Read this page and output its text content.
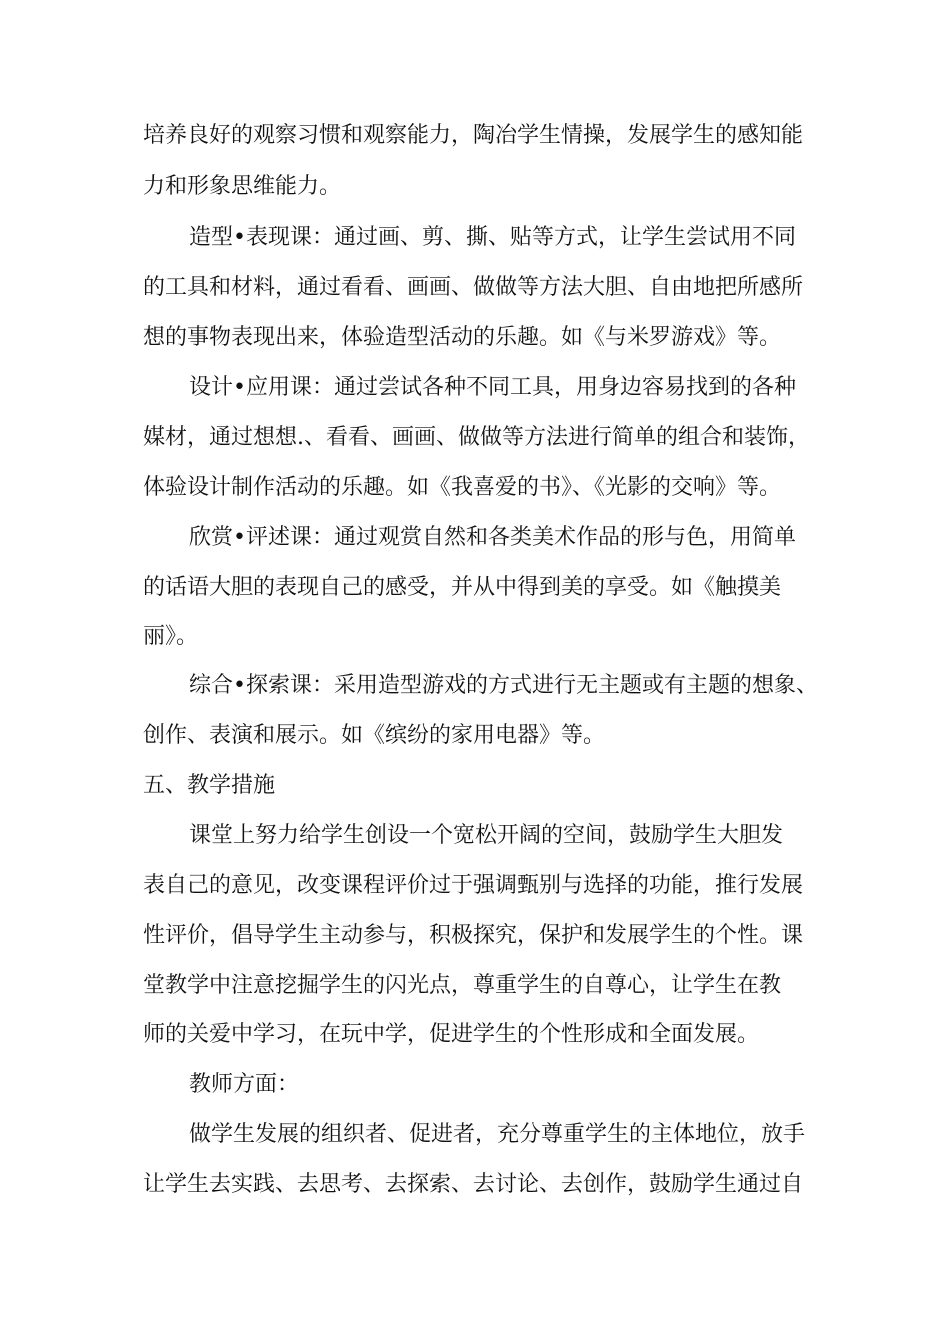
培养良好的观察习惯和观察能力，陶冶学生情操，发展学生的感知能

力和形象思维能力。

造型•表现课：通过画、剪、撕、贴等方式，让学生尝试用不同

的工具和材料，通过看看、画画、做做等方法大胆、自由地把所感所

想的事物表现出来，体验造型活动的乐趣。如《与米罗游戏》等。

设计•应用课：通过尝试各种不同工具，用身边容易找到的各种

媒材，通过想想.、看看、画画、做做等方法进行简单的组合和装饰，

体验设计制作活动的乐趣。如《我喜爱的书》、《光影的交响》等。

欣赏•评述课：通过观赏自然和各类美术作品的形与色，用简单

的话语大胆的表现自己的感受，并从中得到美的享受。如《触摸美

丽》。

综合•探索课：采用造型游戏的方式进行无主题或有主题的想象、

创作、表演和展示。如《缤纷的家用电器》等。

五、教学措施

课堂上努力给学生创设一个宽松开阔的空间，鼓励学生大胆发

表自己的意见，改变课程评价过于强调甄别与选择的功能，推行发展

性评价，倡导学生主动参与，积极探究，保护和发展学生的个性。课

堂教学中注意挖掘学生的闪光点，尊重学生的自尊心，让学生在教

师的关爱中学习，在玩中学，促进学生的个性形成和全面发展。

教师方面：

做学生发展的组织者、促进者，充分尊重学生的主体地位，放手

让学生去实践、去思考、去探索、去讨论、去创作，鼓励学生通过自
